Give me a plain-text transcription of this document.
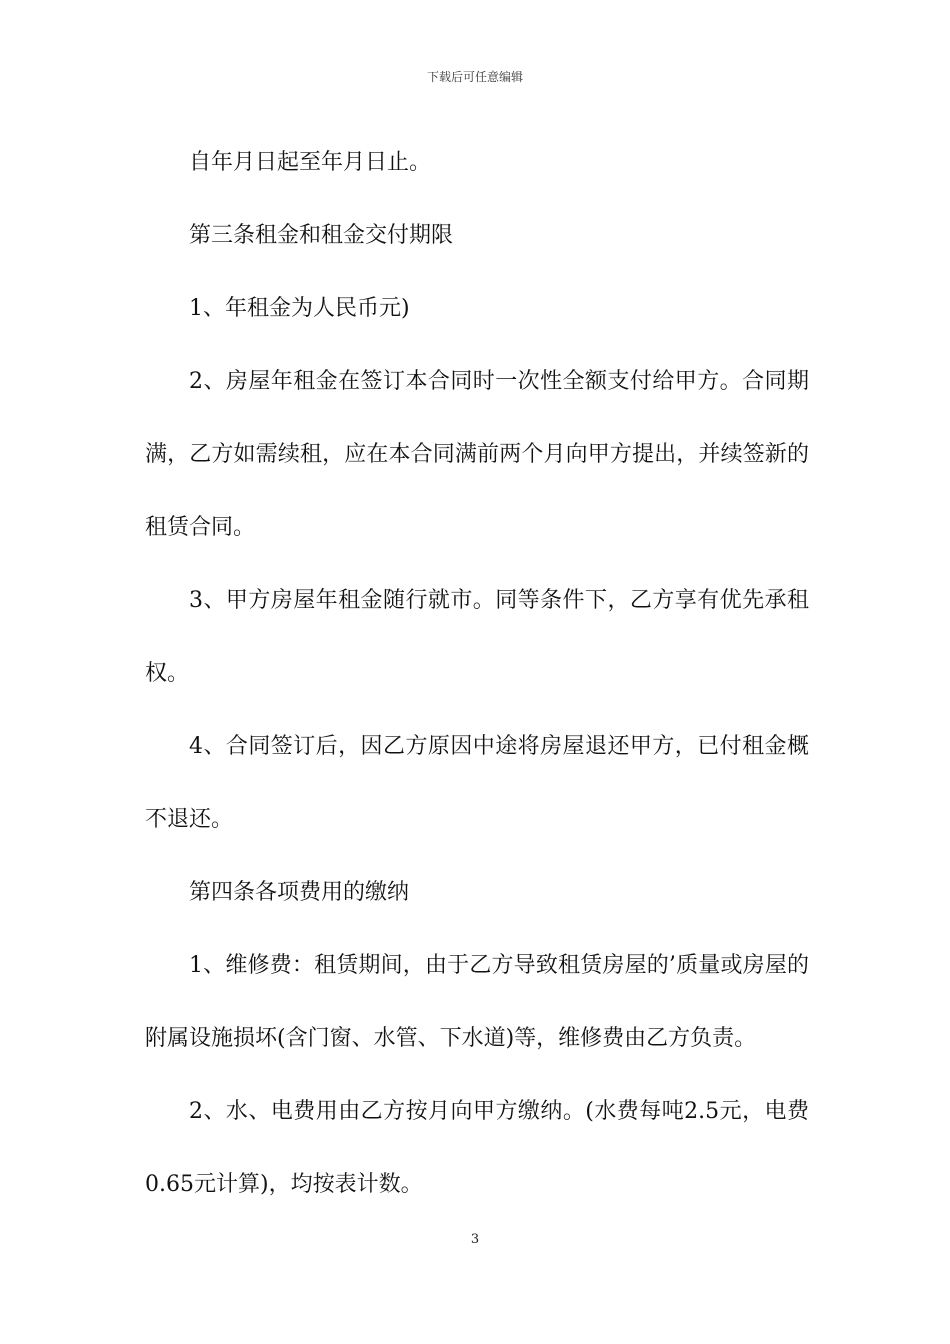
下载后可任意编辑

自年月日起至年月日止。

第三条租金和租金交付期限

1、年租金为人民币元)

2、房屋年租金在签订本合同时一次性全额支付给甲方。合同期满，乙方如需续租，应在本合同满前两个月向甲方提出，并续签新的租赁合同。

3、甲方房屋年租金随行就市。同等条件下，乙方享有优先承租权。

4、合同签订后，因乙方原因中途将房屋退还甲方，已付租金概不退还。

第四条各项费用的缴纳

1、维修费：租赁期间，由于乙方导致租赁房屋的’质量或房屋的附属设施损坏(含门窗、水管、下水道)等，维修费由乙方负责。

2、水、电费用由乙方按月向甲方缴纳。(水费每吨2.5元，电费0.65元计算)，均按表计数。

3
